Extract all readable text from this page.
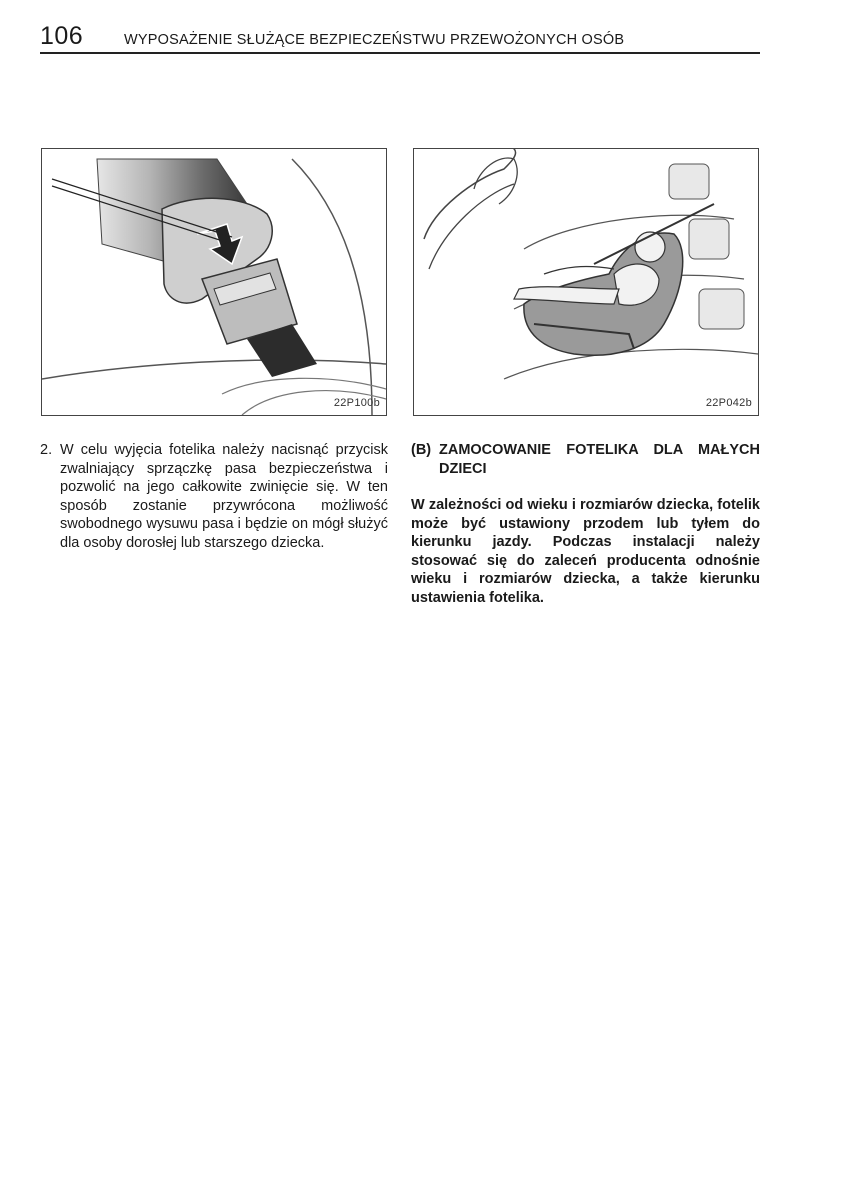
106	WYPOSAŻENIE SŁUŻĄCE BEZPIECZEŃSTWU PRZEWOŻONYCH OSÓB
22P100b	22P042b
2. W celu wyjęcia fotelika należy nacisnąć przycisk zwalniający sprzączkę pasa bezpieczeństwa i pozwolić na jego całkowite zwinięcie się. W ten sposób zostanie przywrócona możliwość swobodnego wysuwu pasa i będzie on mógł służyć dla osoby dorosłej lub starszego dziecka.
(B) ZAMOCOWANIE FOTELIKA DLA MAŁYCH DZIECI
W zależności od wieku i rozmiarów dziecka, fotelik może być ustawiony przodem lub tyłem do kierunku jazdy. Podczas instalacji należy stosować się do zaleceń producenta odnośnie wieku i rozmiarów dziecka, a także kierunku ustawienia fotelika.
